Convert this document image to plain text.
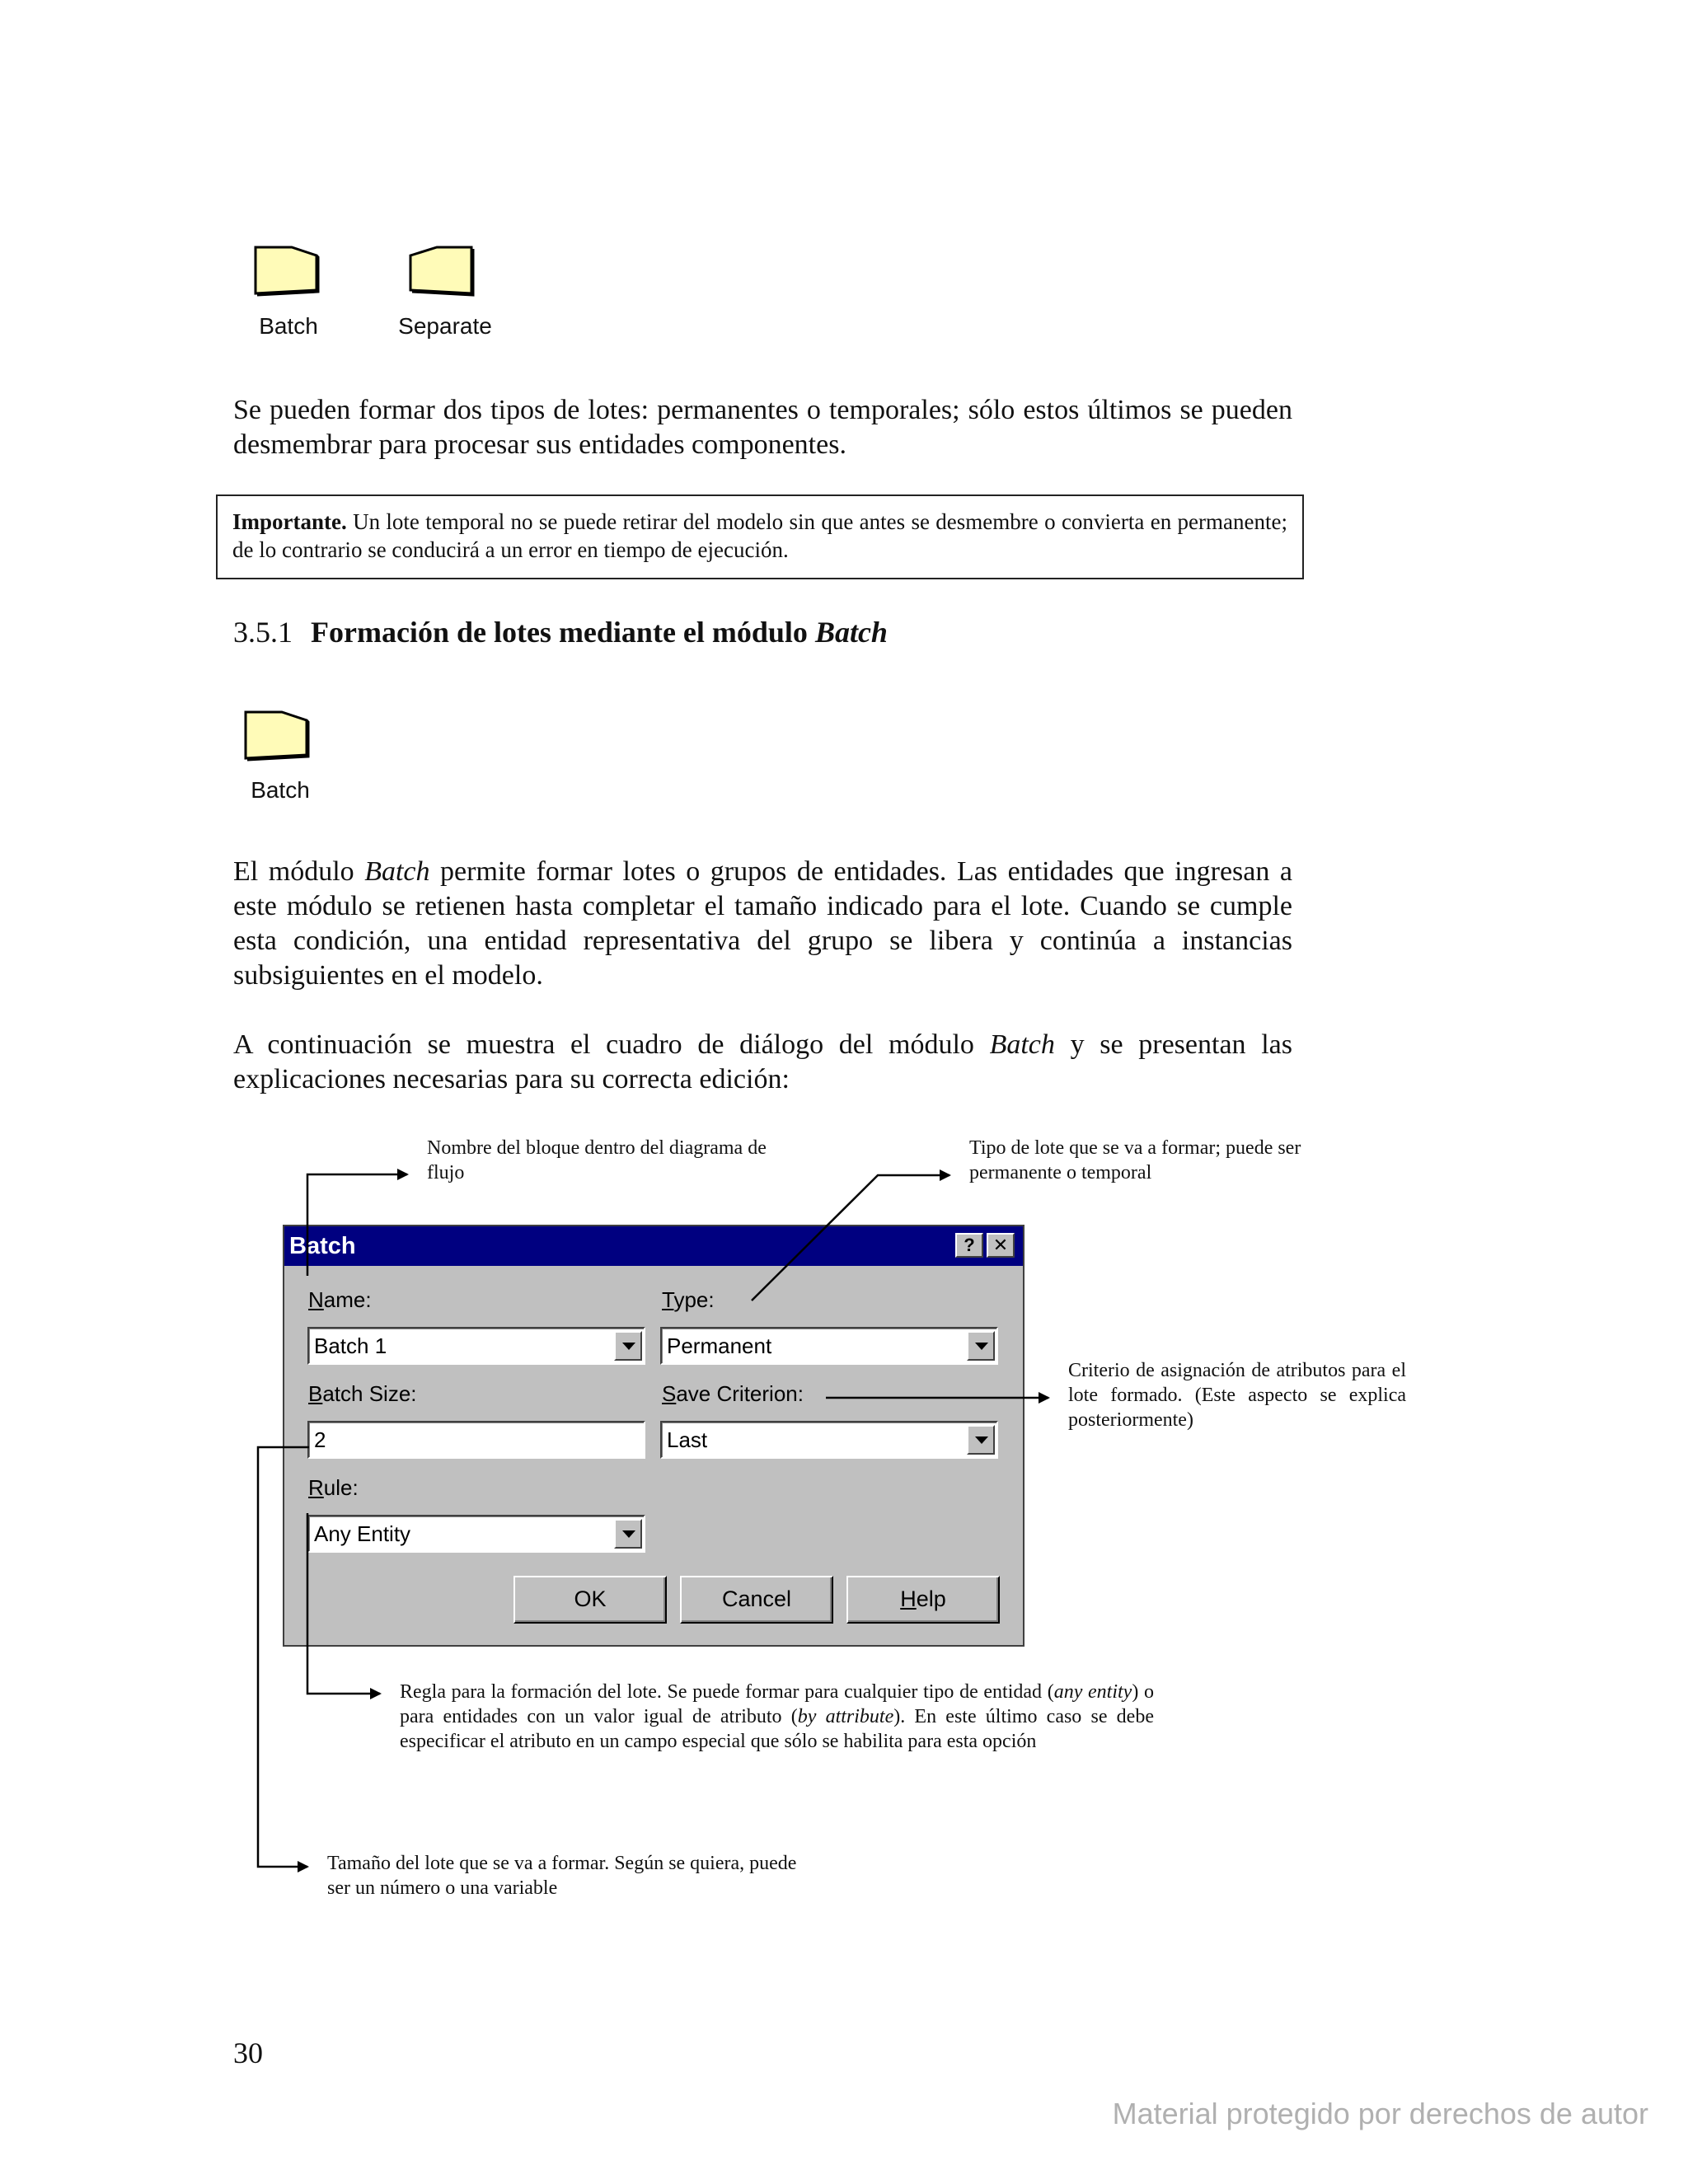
Batch	Separate
Se pueden formar dos tipos de lotes: permanentes o temporales; sólo estos últimos se pueden desmembrar para procesar sus entidades componentes.
Importante. Un lote temporal no se puede retirar del modelo sin que antes se desmembre o convierta en permanente; de lo contrario se conducirá a un error en tiempo de ejecución.
3.5.1 Formación de lotes mediante el módulo Batch
Batch
El módulo Batch permite formar lotes o grupos de entidades. Las entidades que ingresan a este módulo se retienen hasta completar el tamaño indicado para el lote. Cuando se cumple esta condición, una entidad representativa del grupo se libera y continúa a instancias subsiguientes en el modelo.
A continuación se muestra el cuadro de diálogo del módulo Batch y se presentan las explicaciones necesarias para su correcta edición:
Nombre del bloque dentro del diagrama de flujo
Tipo de lote que se va a formar; puede ser permanente o temporal
Criterio de asignación de atributos para el lote formado. (Este aspecto se explica posteriormente)
Regla para la formación del lote. Se puede formar para cualquier tipo de entidad (any entity) o para entidades con un valor igual de atributo (by attribute). En este último caso se debe especificar el atributo en un campo especial que sólo se habilita para esta opción
Tamaño del lote que se va a formar. Según se quiera, puede ser un número o una variable
Batch	?	✕
Name:
Batch 1
Type:
Permanent
Batch Size:
2
Save Criterion:
Last
Rule:
Any Entity
OK	Cancel	Help
30
Material protegido por derechos de autor
